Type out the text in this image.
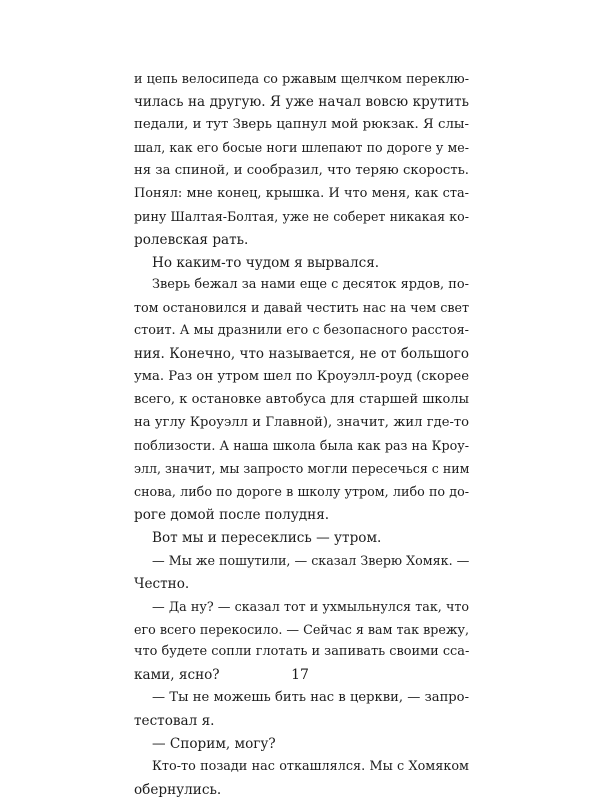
и цепь велосипеда со ржавым щелчком переклю-
чилась на другую. Я уже начал вовсю крутить
педали, и тут Зверь цапнул мой рюкзак. Я слы-
шал, как его босые ноги шлепают по дороге у ме-
ня за спиной, и сообразил, что теряю скорость.
Понял: мне конец, крышка. И что меня, как ста-
рину Шалтая-Болтая, уже не соберет никакая ко-
ролевская рать.
Но каким-то чудом я вырвался.
Зверь бежал за нами еще с десяток ярдов, по-
том остановился и давай честить нас на чем свет
стоит. А мы дразнили его с безопасного расстоя-
ния. Конечно, что называется, не от большого
ума. Раз он утром шел по Кроуэлл-роуд (скорее
всего, к остановке автобуса для старшей школы
на углу Кроуэлл и Главной), значит, жил где-то
поблизости. А наша школа была как раз на Кроу-
элл, значит, мы запросто могли пересечься с ним
снова, либо по дороге в школу утром, либо по до-
роге домой после полудня.
Вот мы и пересеклись — утром.
— Мы же пошутили, — сказал Зверю Хомяк. —
Честно.
— Да ну? — сказал тот и ухмыльнулся так, что
его всего перекосило. — Сейчас я вам так врежу,
что будете сопли глотать и запивать своими сса-
ками, ясно?
— Ты не можешь бить нас в церкви, — запро-
тестовал я.
— Спорим, могу?
Кто-то позади нас откашлялся. Мы с Хомяком
обернулись.
17
